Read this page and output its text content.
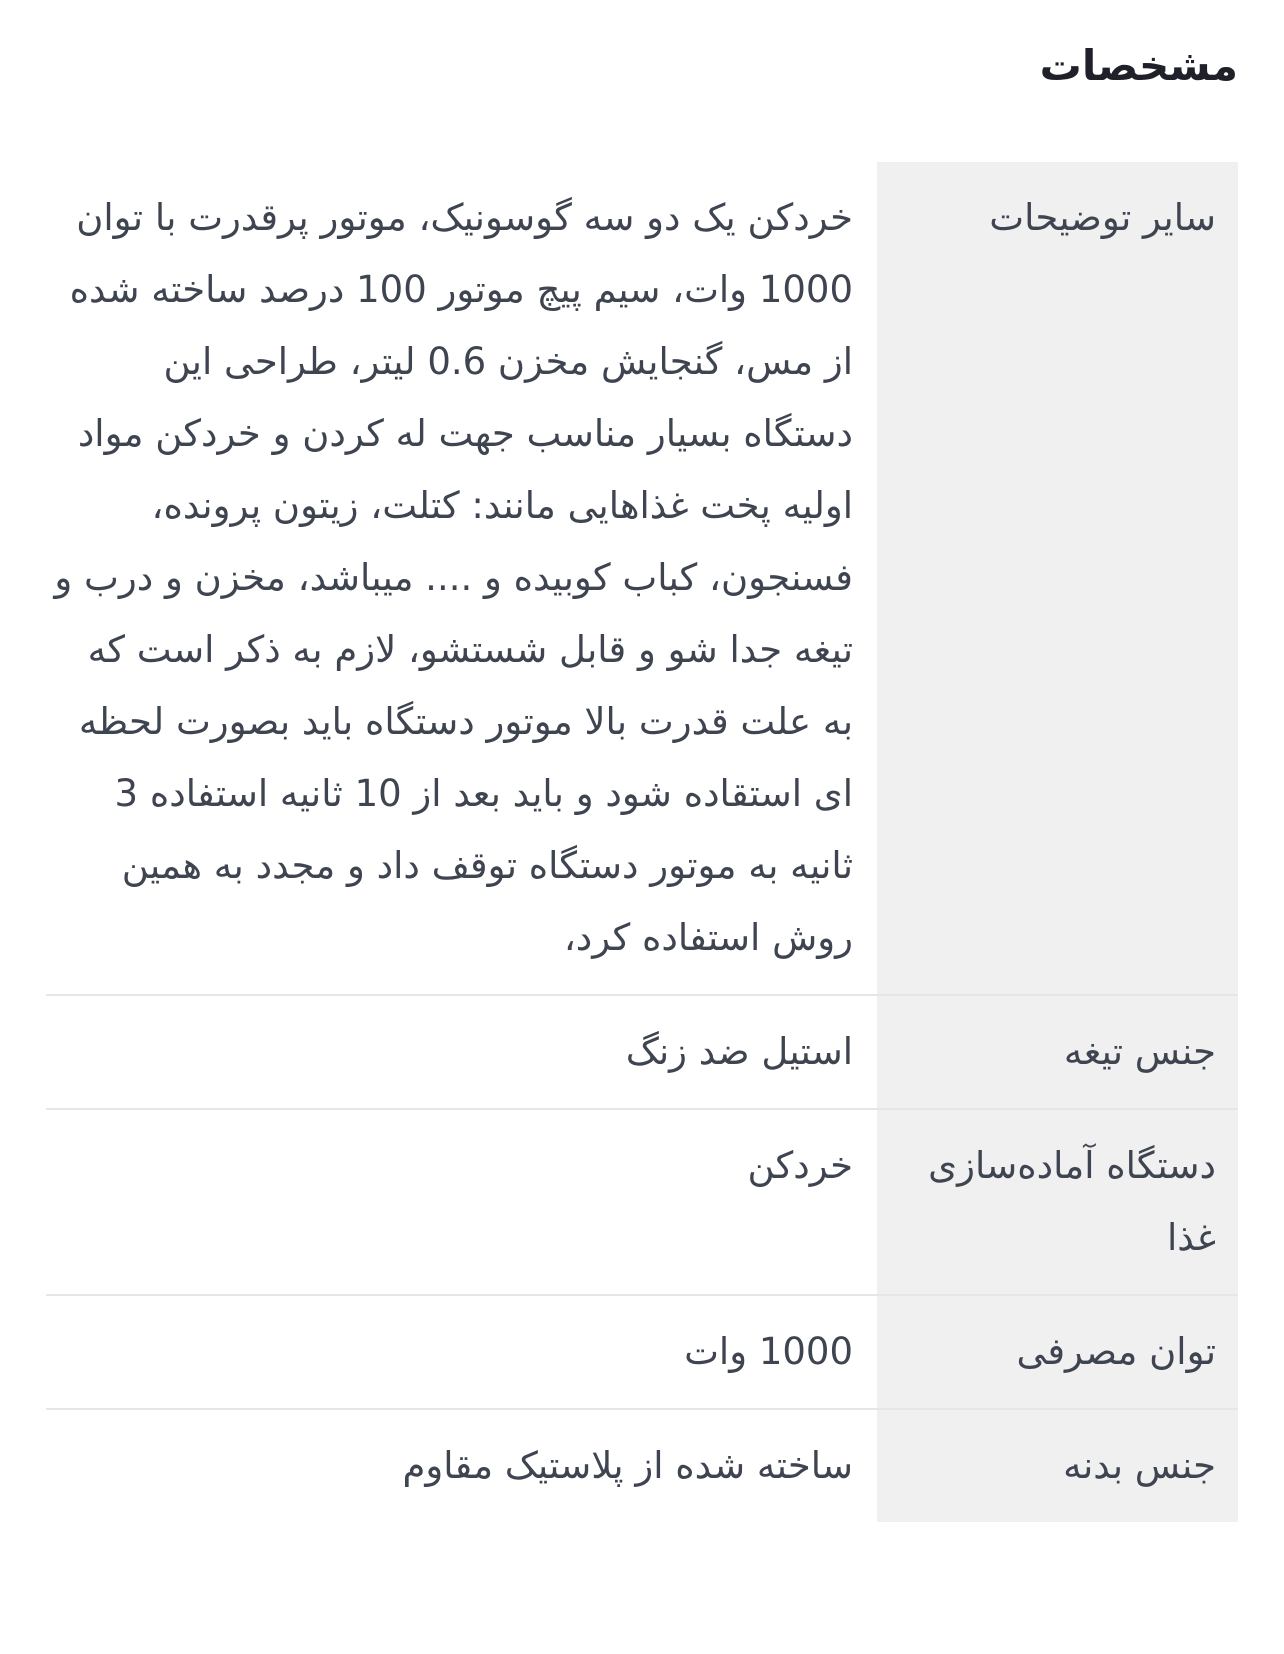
مشخصات
سایر توضیحات
خردکن یک دو سه گوسونیک، موتور پرقدرت با توان 1000 وات، سیم پیچ موتور 100 درصد ساخته شده از مس، گنجایش مخزن 0.6 لیتر، طراحی این دستگاه بسیار مناسب جهت له کردن و خردکن مواد اولیه پخت غذاهایی مانند: کتلت، زیتون پرونده، فسنجون، کباب کوبیده و .... میباشد، مخزن و درب و تیغه جدا شو و قابل شستشو، لازم به ذکر است که به علت قدرت بالا موتور دستگاه باید بصورت لحظه ای استقاده شود و باید بعد از 10 ثانیه استفاده 3 ثانیه به موتور دستگاه توقف داد و مجدد به همین روش استفاده کرد،
جنس تیغه
استیل ضد زنگ
دستگاه آماده‌سازی غذا
خردکن
توان مصرفی
1000 وات
جنس بدنه
ساخته شده از پلاستیک مقاوم
